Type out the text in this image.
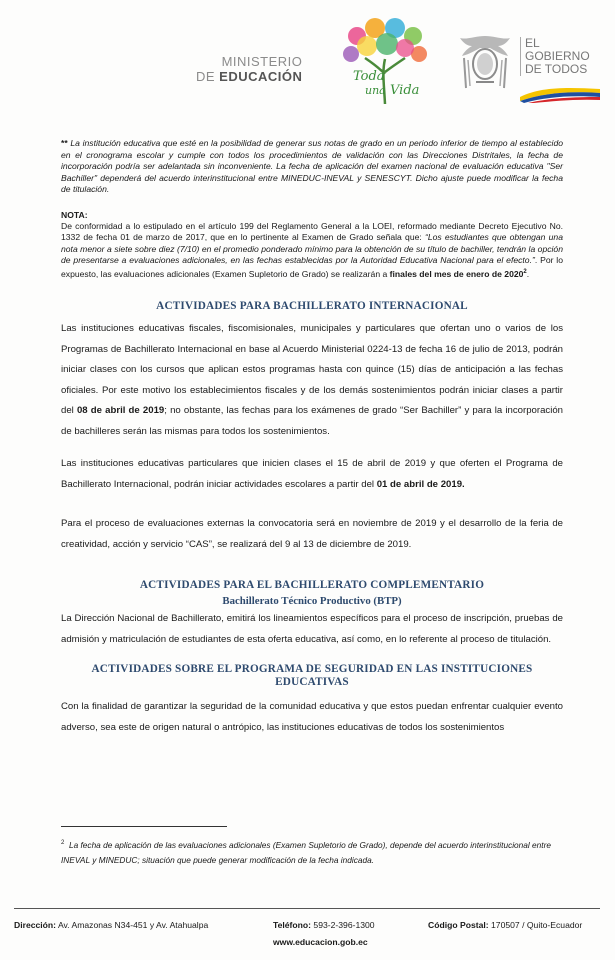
MINISTERIO
DE EDUCACIÓN	Toda
una Vida
EL
GOBIERNO
DE TODOS

** La institución educativa que esté en la posibilidad de generar sus notas de grado en un periodo inferior de tiempo al establecido en el cronograma escolar y cumple con todos los procedimientos de validación con las Direcciones Distritales, la fecha de incorporación podría ser adelantada sin inconveniente. La fecha de aplicación del examen nacional de evaluación educativa "Ser Bachiller" dependerá del acuerdo interinstitucional entre MINEDUC-INEVAL y SENESCYT. Dicho ajuste puede modificar la fecha de titulación.

NOTA:

De conformidad a lo estipulado en el artículo 199 del Reglamento General a la LOEI, reformado mediante Decreto Ejecutivo No. 1332 de fecha 01 de marzo de 2017, que en lo pertinente al Examen de Grado señala que: “Los estudiantes que obtengan una nota menor a siete sobre diez (7/10) en el promedio ponderado mínimo para la obtención de su título de bachiller, tendrán la opción de presentarse a evaluaciones adicionales, en las fechas establecidas por la Autoridad Educativa Nacional para el efecto.”. Por lo expuesto, las evaluaciones adicionales (Examen Supletorio de Grado) se realizarán a finales del mes de enero de 2020$^2$.

ACTIVIDADES PARA BACHILLERATO INTERNACIONAL

Las instituciones educativas fiscales, fiscomisionales, municipales y particulares que ofertan uno o varios de los Programas de Bachillerato Internacional en base al Acuerdo Ministerial 0224-13 de fecha 16 de julio de 2013, podrán iniciar clases con los cursos que aplican estos programas hasta con quince (15) días de anticipación a las fechas oficiales. Por este motivo los establecimientos fiscales y de los demás sostenimientos podrán iniciar clases a partir del 08 de abril de 2019; no obstante, las fechas para los exámenes de grado “Ser Bachiller” y para la incorporación de bachilleres serán las mismas para todos los sostenimientos.

Las instituciones educativas particulares que inicien clases el 15 de abril de 2019 y que oferten el Programa de Bachillerato Internacional, podrán iniciar actividades escolares a partir del 01 de abril de 2019.

Para el proceso de evaluaciones externas la convocatoria será en noviembre de 2019 y el desarrollo de la feria de creatividad, acción y servicio “CAS”, se realizará del 9 al 13 de diciembre de 2019.

ACTIVIDADES PARA EL BACHILLERATO COMPLEMENTARIO
Bachillerato Técnico Productivo (BTP)

La Dirección Nacional de Bachillerato, emitirá los lineamientos específicos para el proceso de inscripción, pruebas de admisión y matriculación de estudiantes de esta oferta educativa, así como, en lo referente al proceso de titulación.

ACTIVIDADES SOBRE EL PROGRAMA DE SEGURIDAD EN LAS INSTITUCIONES EDUCATIVAS

Con la finalidad de garantizar la seguridad de la comunidad educativa y que estos puedan enfrentar cualquier evento adverso, sea este de origen natural o antrópico, las instituciones educativas de todos los sostenimientos

$^2$ La fecha de aplicación de las evaluaciones adicionales (Examen Supletorio de Grado), depende del acuerdo interinstitucional entre INEVAL y MINEDUC; situación que puede generar modificación de la fecha indicada.

Dirección: Av. Amazonas N34-451 y Av. Atahualpa	Teléfono: 593-2-396-1300	Código Postal: 170507 / Quito-Ecuador
www.educacion.gob.ec
